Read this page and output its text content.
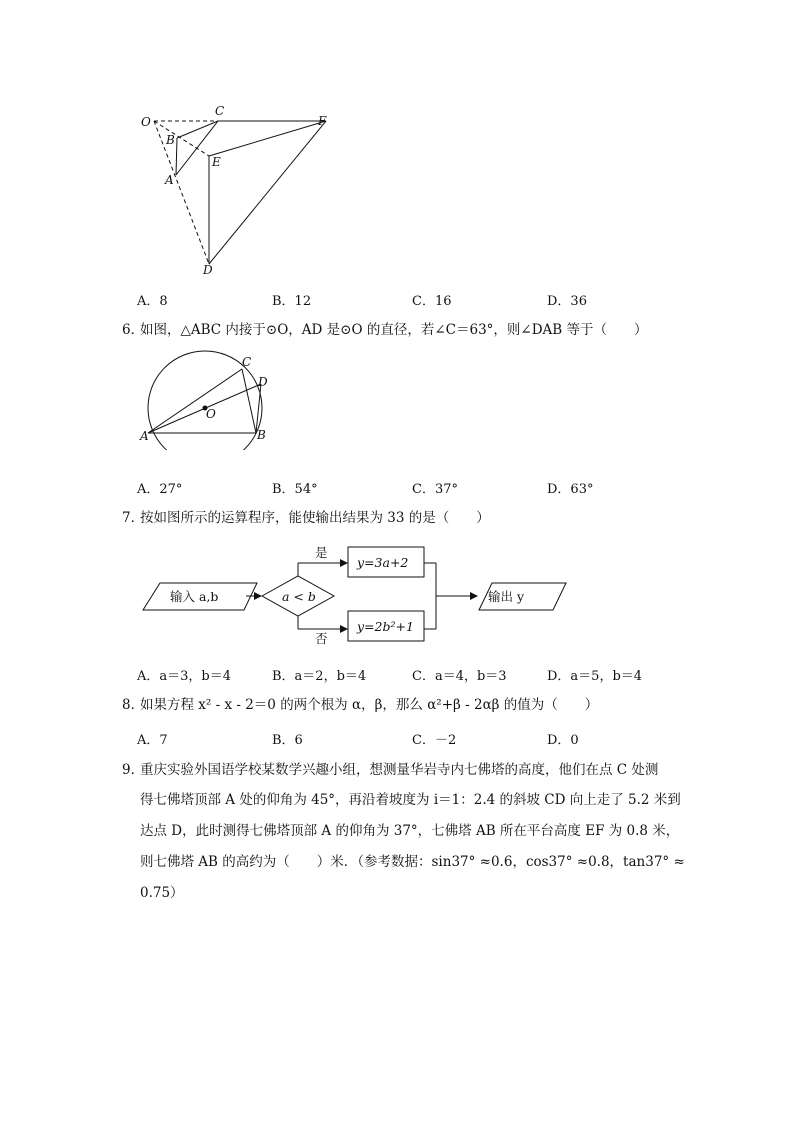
O
C
F
B
E
A
D
A．8	B．12	C．16	D．36
6．
如图，△ABC 内接于⊙O，AD 是⊙O 的直径，若∠C＝63°，则∠DAB 等于（　　）
A	B
C
D
O
A．27°	B．54°	C．37°	D．63°
7．
按如图所示的运算程序，能使输出结果为 33 的是（　　）
输入 a,b	a < b
是
否
y=3a+2
y=2b²+1
输出 y
A．a＝3，b＝4	B．a＝2，b＝4	C．a＝4，b＝3	D．a＝5，b＝4
8．
如果方程 x² - x - 2＝0 的两个根为 α，β，那么 α²+β - 2αβ 的值为（　　）
A．7	B．6	C．－2	D．0
9．
重庆实验外国语学校某数学兴趣小组，想测量华岩寺内七佛塔的高度，他们在点 C 处测
得七佛塔顶部 A 处的仰角为 45°，再沿着坡度为 i＝1：2.4 的斜坡 CD 向上走了 5.2 米到
达点 D，此时测得七佛塔顶部 A 的仰角为 37°，七佛塔 AB 所在平台高度 EF 为 0.8 米，
则七佛塔 AB 的高约为（　　）米．（参考数据：sin37° ≈0.6，cos37° ≈0.8，tan37° ≈
0.75）
